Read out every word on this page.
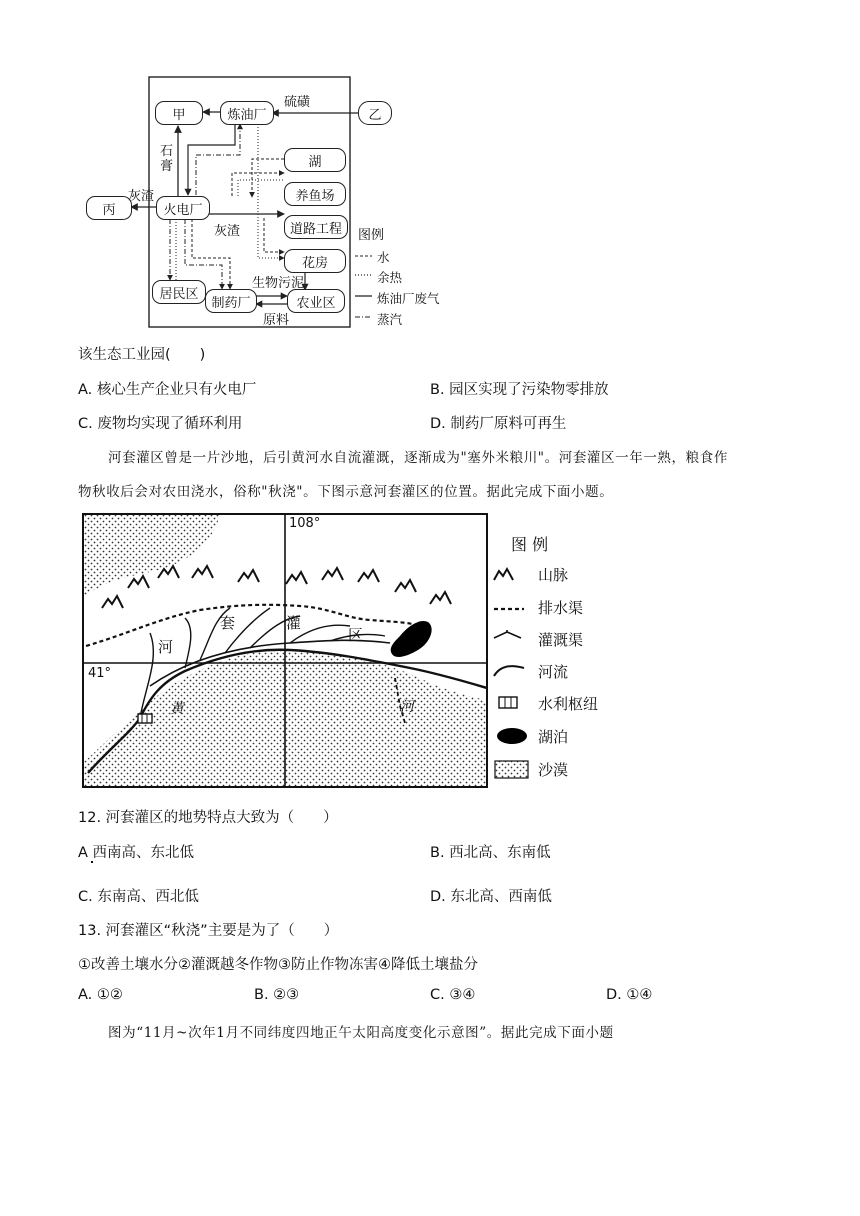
甲	炼油厂	乙
湖
养鱼场
火电厂
丙
道路工程
花房
居民区
制药厂	农业区
硫磺
石膏
灰渣
灰渣
生物污泥
原料
图例
水
余热
炼油厂废气
蒸汽
该生态工业园(　　)
A. 核心生产企业只有火电厂	B. 园区实现了污染物零排放
C. 废物均实现了循环利用	D. 制药厂原料可再生
河套灌区曾是一片沙地，后引黄河水自流灌溉，逐渐成为"塞外米粮川"。河套灌区一年一熟，粮食作
物秋收后会对农田浇水，俗称"秋浇"。下图示意河套灌区的位置。据此完成下面小题。
108°
41°
河
套	灌
区
黄	河
图 例
山脉
排水渠
灌溉渠
河流
水利枢纽
湖泊
沙漠
12. 河套灌区的地势特点大致为（　　）
A 西南高、东北低	B. 西北高、东南低
C. 东南高、西北低	D. 东北高、西南低
13. 河套灌区“秋浇”主要是为了（　　）
①改善土壤水分②灌溉越冬作物③防止作物冻害④降低土壤盐分
A. ①②	B. ②③	C. ③④	D. ①④
图为“11月~次年1月不同纬度四地正午太阳高度变化示意图”。据此完成下面小题
